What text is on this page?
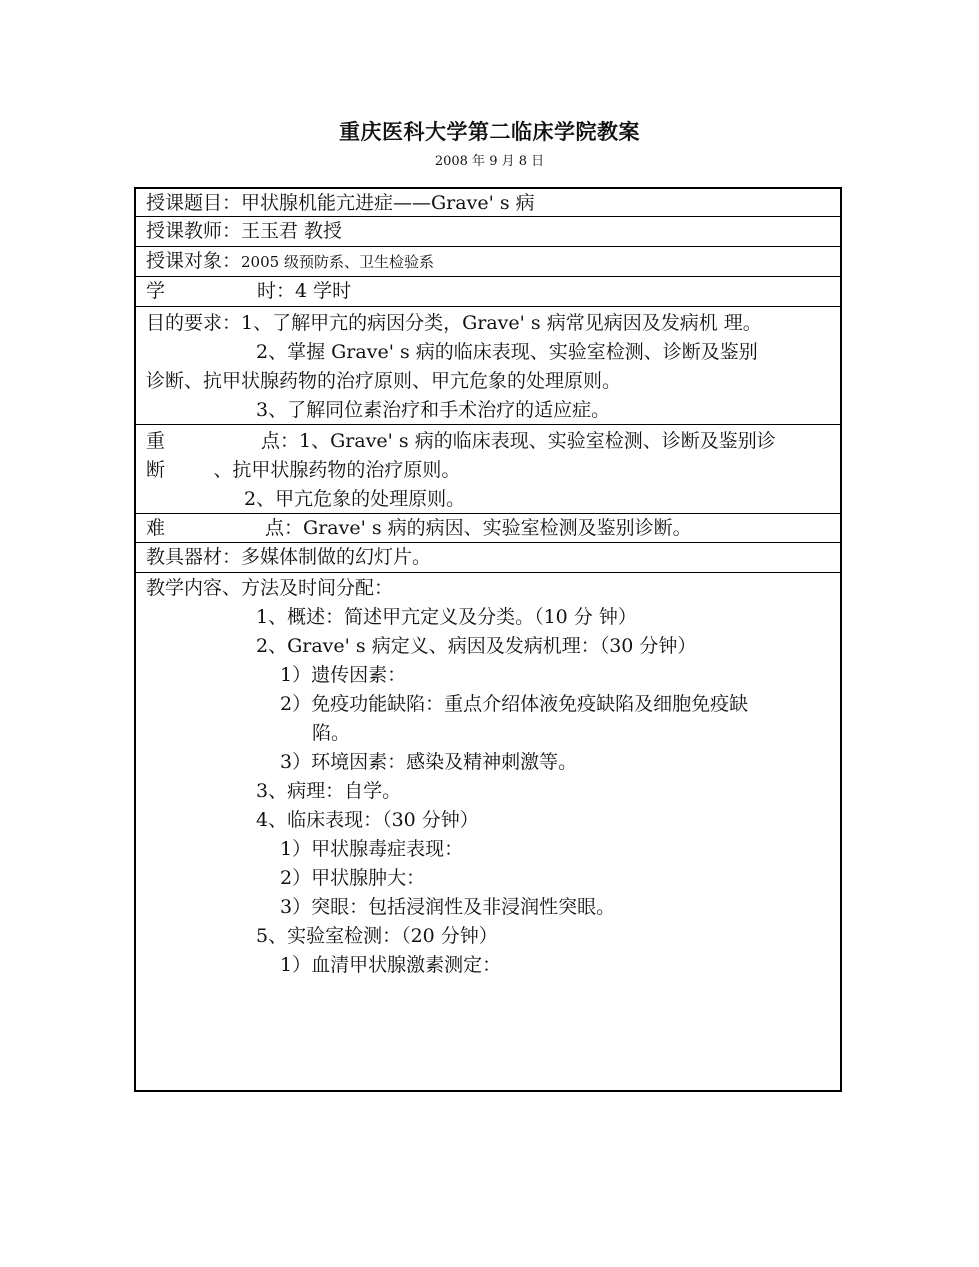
重庆医科大学第二临床学院教案
2008 年 9 月 8 日
授课题目：甲状腺机能亢进症——Grave' s 病
授课教师：王玉君 教授
授课对象：2005 级预防系、卫生检验系
学	时：4 学时
目的要求：1、了解甲亢的病因分类，Grave' s 病常见病因及发病机 理。
2、掌握 Grave' s 病的临床表现、实验室检测、诊断及鉴别
诊断、抗甲状腺药物的治疗原则、甲亢危象的处理原则。
3、了解同位素治疗和手术治疗的适应症。
重	点：1、Grave' s 病的临床表现、实验室检测、诊断及鉴别诊
断        、抗甲状腺药物的治疗原则。
2、甲亢危象的处理原则。
难	点：Grave' s 病的病因、实验室检测及鉴别诊断。
教具器材：多媒体制做的幻灯片。
教学内容、方法及时间分配：
1、概述：简述甲亢定义及分类。（10 分 钟）
2、Grave' s 病定义、病因及发病机理：（30 分钟）
1）遗传因素：
2）免疫功能缺陷：重点介绍体液免疫缺陷及细胞免疫缺
陷。
3）环境因素：感染及精神刺激等。
3、病理：自学。
4、临床表现：（30 分钟）
1）甲状腺毒症表现：
2）甲状腺肿大：
3）突眼：包括浸润性及非浸润性突眼。
5、实验室检测：（20 分钟）
1）血清甲状腺激素测定：
